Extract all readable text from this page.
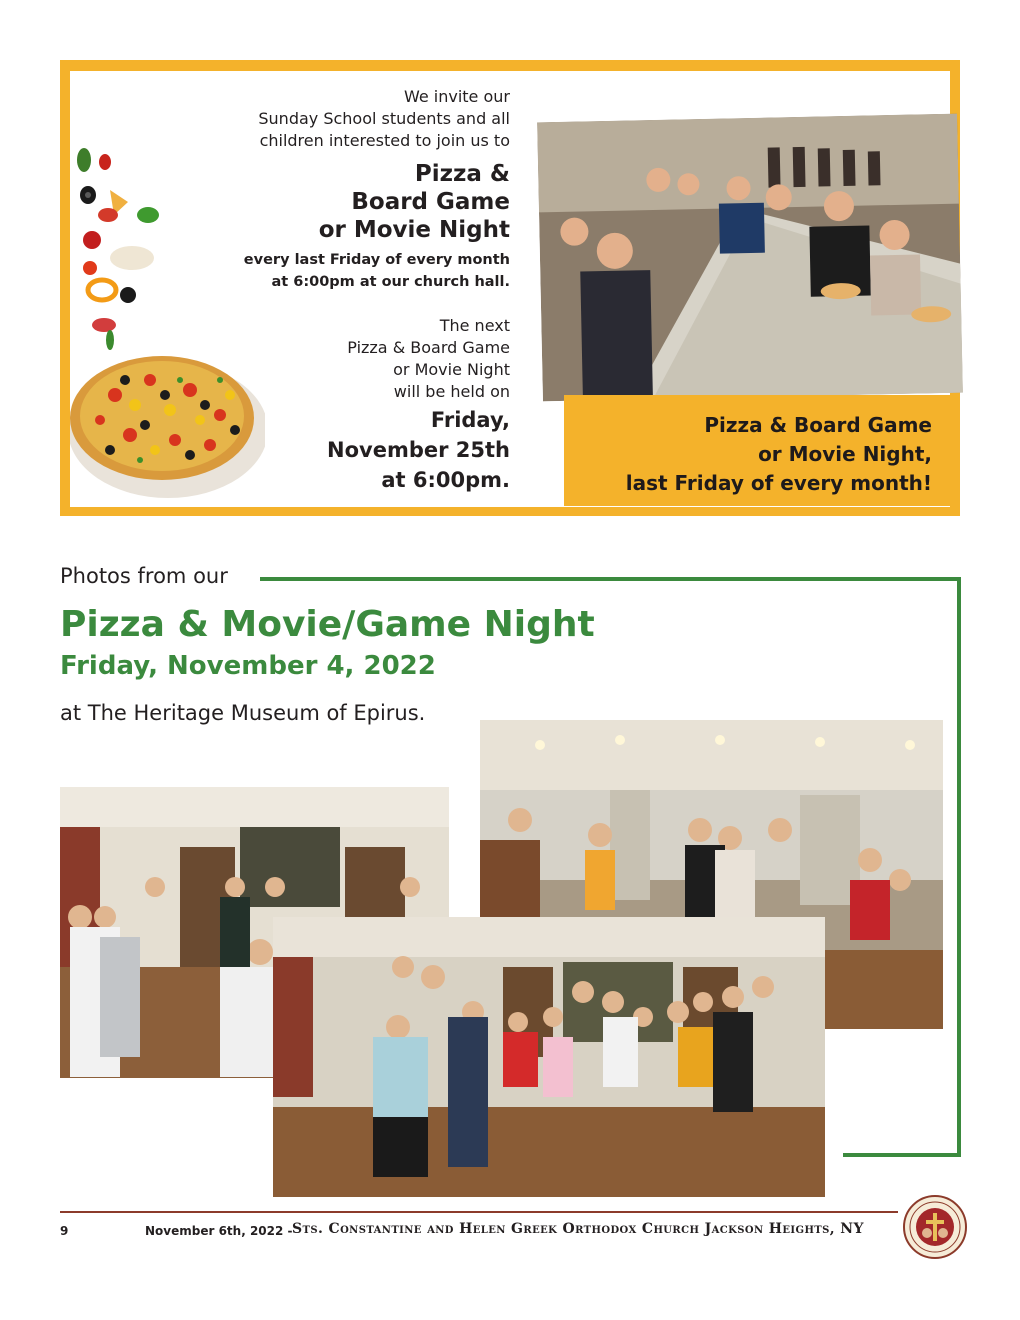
We invite our
Sunday School students and all
children interested to join us to
Pizza &
Board Game
or Movie Night
every last Friday of every month
at 6:00pm at our church hall.
The next
Pizza & Board Game
or Movie Night
will be held on
Friday,
November 25th
at 6:00pm.
Pizza & Board Game
or Movie Night,
last Friday of every month!
Photos from our
Pizza & Movie/Game Night
Friday, November 4, 2022
at The Heritage Museum of Epirus.
9	November 6th, 2022 - Sts. Constantine and Helen Greek Orthodox Church Jackson Heights, NY
